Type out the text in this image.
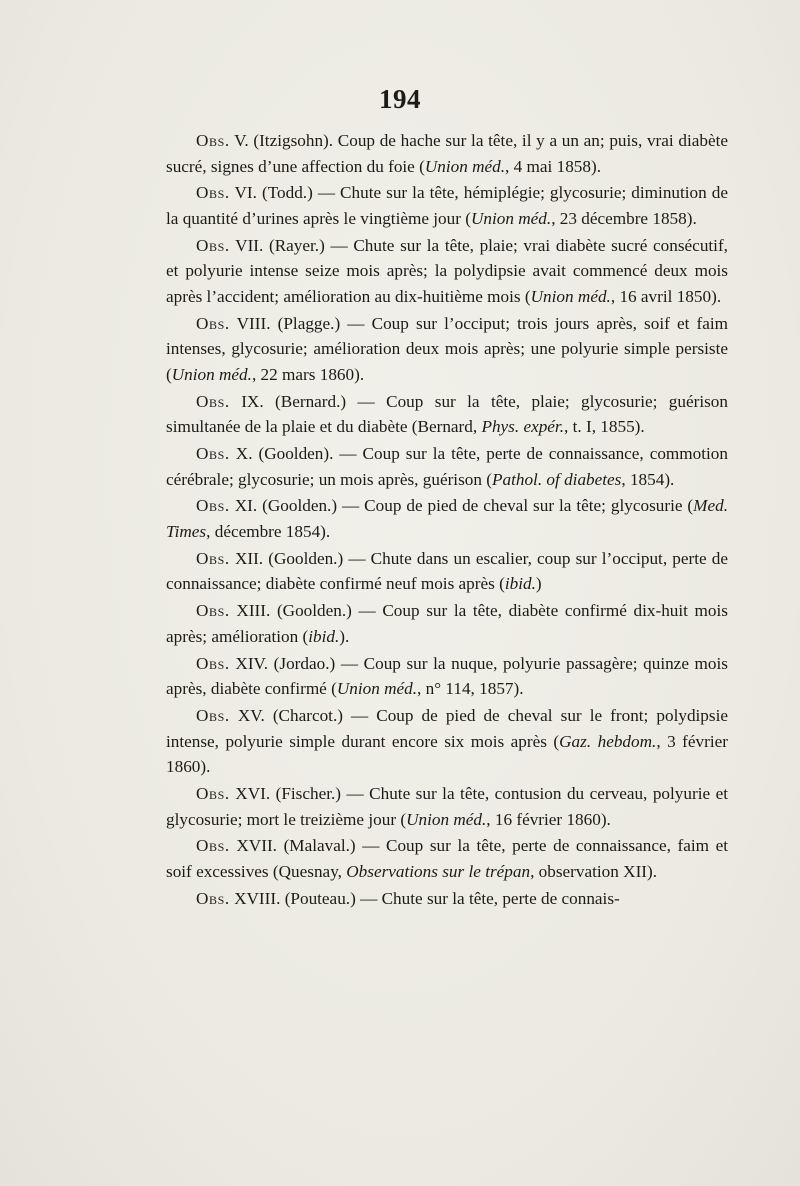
194

Obs. V. (Itzigsohn). Coup de hache sur la tête, il y a un an; puis, vrai diabète sucré, signes d’une affection du foie (Union méd., 4 mai 1858).

Obs. VI. (Todd.) — Chute sur la tête, hémiplégie; glycosurie; diminution de la quantité d’urines après le vingtième jour (Union méd., 23 décembre 1858).

Obs. VII. (Rayer.) — Chute sur la tête, plaie; vrai diabète sucré consécutif, et polyurie intense seize mois après; la polydipsie avait commencé deux mois après l’accident; amélioration au dix-huitième mois (Union méd., 16 avril 1850).

Obs. VIII. (Plagge.) — Coup sur l’occiput; trois jours après, soif et faim intenses, glycosurie; amélioration deux mois après; une polyurie simple persiste (Union méd., 22 mars 1860).

Obs. IX. (Bernard.) — Coup sur la tête, plaie; glycosurie; guérison simultanée de la plaie et du diabète (Bernard, Phys. expér., t. I, 1855).

Obs. X. (Goolden). — Coup sur la tête, perte de connaissance, commotion cérébrale; glycosurie; un mois après, guérison (Pathol. of diabetes, 1854).

Obs. XI. (Goolden.) — Coup de pied de cheval sur la tête; glycosurie (Med. Times, décembre 1854).

Obs. XII. (Goolden.) — Chute dans un escalier, coup sur l’occiput, perte de connaissance; diabète confirmé neuf mois après (ibid.)

Obs. XIII. (Goolden.) — Coup sur la tête, diabète confirmé dix-huit mois après; amélioration (ibid.).

Obs. XIV. (Jordao.) — Coup sur la nuque, polyurie passagère; quinze mois après, diabète confirmé (Union méd., n° 114, 1857).

Obs. XV. (Charcot.) — Coup de pied de cheval sur le front; polydipsie intense, polyurie simple durant encore six mois après (Gaz. hebdom., 3 février 1860).

Obs. XVI. (Fischer.) — Chute sur la tête, contusion du cerveau, polyurie et glycosurie; mort le treizième jour (Union méd., 16 février 1860).

Obs. XVII. (Malaval.) — Coup sur la tête, perte de connaissance, faim et soif excessives (Quesnay, Observations sur le trépan, observation XII).

Obs. XVIII. (Pouteau.) — Chute sur la tête, perte de connais-
